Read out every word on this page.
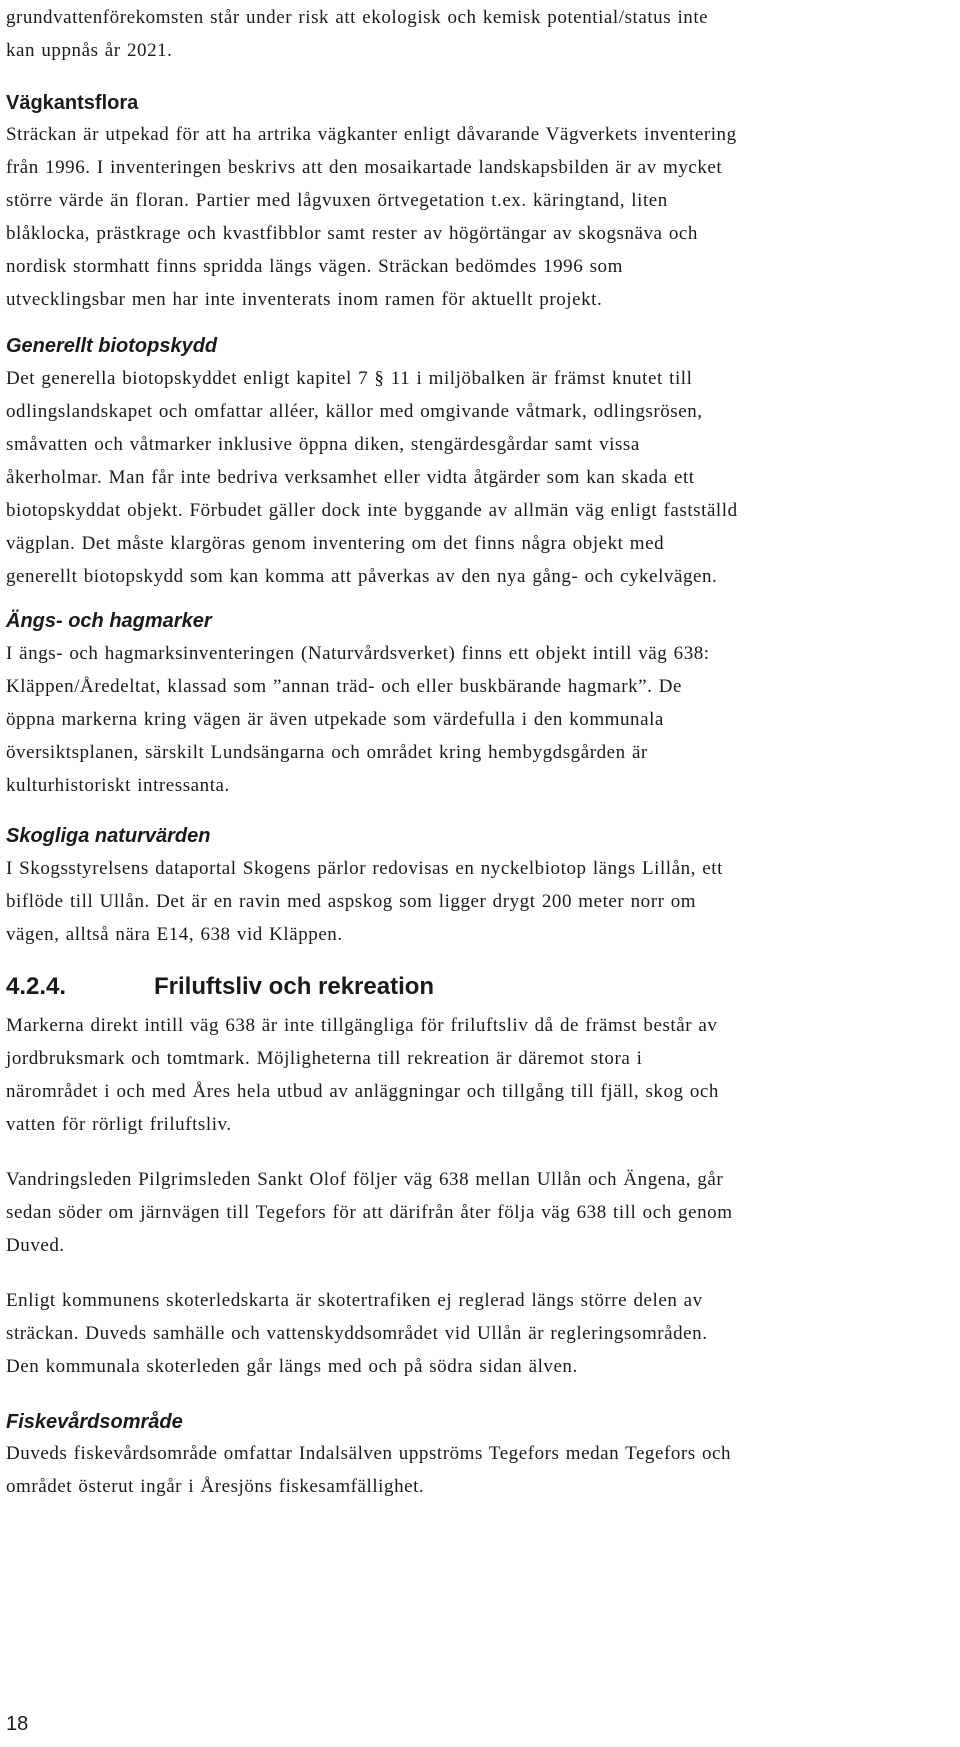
grundvattenförekomsten står under risk att ekologisk och kemisk potential/status inte
kan uppnås år 2021.

Vägkantsflora

Sträckan är utpekad för att ha artrika vägkanter enligt dåvarande Vägverkets inventering
från 1996. I inventeringen beskrivs att den mosaikartade landskapsbilden är av mycket
större värde än floran. Partier med lågvuxen örtvegetation t.ex. käringtand, liten
blåklocka, prästkrage och kvastfibblor samt rester av högörtängar av skogsnäva och
nordisk stormhatt finns spridda längs vägen. Sträckan bedömdes 1996 som
utvecklingsbar men har inte inventerats inom ramen för aktuellt projekt.

Generellt biotopskydd

Det generella biotopskyddet enligt kapitel 7 § 11 i miljöbalken är främst knutet till
odlingslandskapet och omfattar alléer, källor med omgivande våtmark, odlingsrösen,
småvatten och våtmarker inklusive öppna diken, stengärdesgårdar samt vissa
åkerholmar. Man får inte bedriva verksamhet eller vidta åtgärder som kan skada ett
biotopskyddat objekt. Förbudet gäller dock inte byggande av allmän väg enligt fastställd
vägplan. Det måste klargöras genom inventering om det finns några objekt med
generellt biotopskydd som kan komma att påverkas av den nya gång- och cykelvägen.

Ängs- och hagmarker

I ängs- och hagmarksinventeringen (Naturvårdsverket) finns ett objekt intill väg 638:
Kläppen/Åredeltat, klassad som ”annan träd- och eller buskbärande hagmark”. De
öppna markerna kring vägen är även utpekade som värdefulla i den kommunala
översiktsplanen, särskilt Lundsängarna och området kring hembygdsgården är
kulturhistoriskt intressanta.

Skogliga naturvärden

I Skogsstyrelsens dataportal Skogens pärlor redovisas en nyckelbiotop längs Lillån, ett
biflöde till Ullån. Det är en ravin med aspskog som ligger drygt 200 meter norr om
vägen, alltså nära E14, 638 vid Kläppen.

4.2.4.	Friluftsliv och rekreation

Markerna direkt intill väg 638 är inte tillgängliga för friluftsliv då de främst består av
jordbruksmark och tomtmark. Möjligheterna till rekreation är däremot stora i
närområdet i och med Åres hela utbud av anläggningar och tillgång till fjäll, skog och
vatten för rörligt friluftsliv.

Vandringsleden Pilgrimsleden Sankt Olof följer väg 638 mellan Ullån och Ängena, går
sedan söder om järnvägen till Tegefors för att därifrån åter följa väg 638 till och genom
Duved.

Enligt kommunens skoterledskarta är skotertrafiken ej reglerad längs större delen av
sträckan. Duveds samhälle och vattenskyddsområdet vid Ullån är regleringsområden.
Den kommunala skoterleden går längs med och på södra sidan älven.

Fiskevårdsområde

Duveds fiskevårdsområde omfattar Indalsälven uppströms Tegefors medan Tegefors och
området österut ingår i Åresjöns fiskesamfällighet.

18
